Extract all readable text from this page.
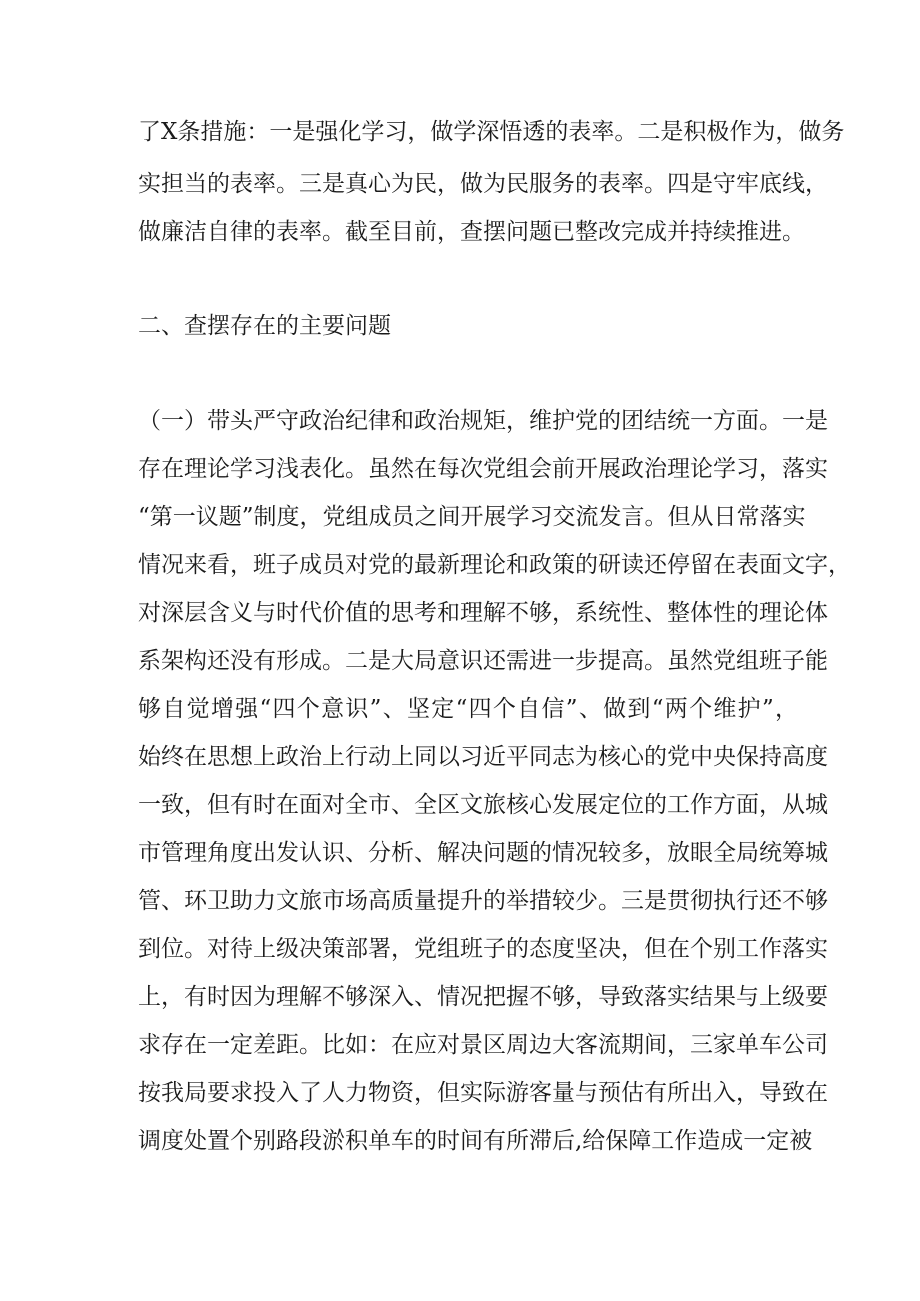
了X条措施：一是强化学习，做学深悟透的表率。二是积极作为，做务
实担当的表率。三是真心为民，做为民服务的表率。四是守牢底线，
做廉洁自律的表率。截至目前，查摆问题已整改完成并持续推进。
二、查摆存在的主要问题
（一）带头严守政治纪律和政治规矩，维护党的团结统一方面。一是
存在理论学习浅表化。虽然在每次党组会前开展政治理论学习，落实
“第一议题”制度，党组成员之间开展学习交流发言。但从日常落实
情况来看，班子成员对党的最新理论和政策的研读还停留在表面文字，
对深层含义与时代价值的思考和理解不够，系统性、整体性的理论体
系架构还没有形成。二是大局意识还需进一步提高。虽然党组班子能
够自觉增强“四个意识”、坚定“四个自信”、做到“两个维护”，
始终在思想上政治上行动上同以习近平同志为核心的党中央保持高度
一致，但有时在面对全市、全区文旅核心发展定位的工作方面，从城
市管理角度出发认识、分析、解决问题的情况较多，放眼全局统筹城
管、环卫助力文旅市场高质量提升的举措较少。三是贯彻执行还不够
到位。对待上级决策部署，党组班子的态度坚决，但在个别工作落实
上，有时因为理解不够深入、情况把握不够，导致落实结果与上级要
求存在一定差距。比如：在应对景区周边大客流期间，三家单车公司
按我局要求投入了人力物资，但实际游客量与预估有所出入，导致在
调度处置个别路段淤积单车的时间有所滞后,给保障工作造成一定被
